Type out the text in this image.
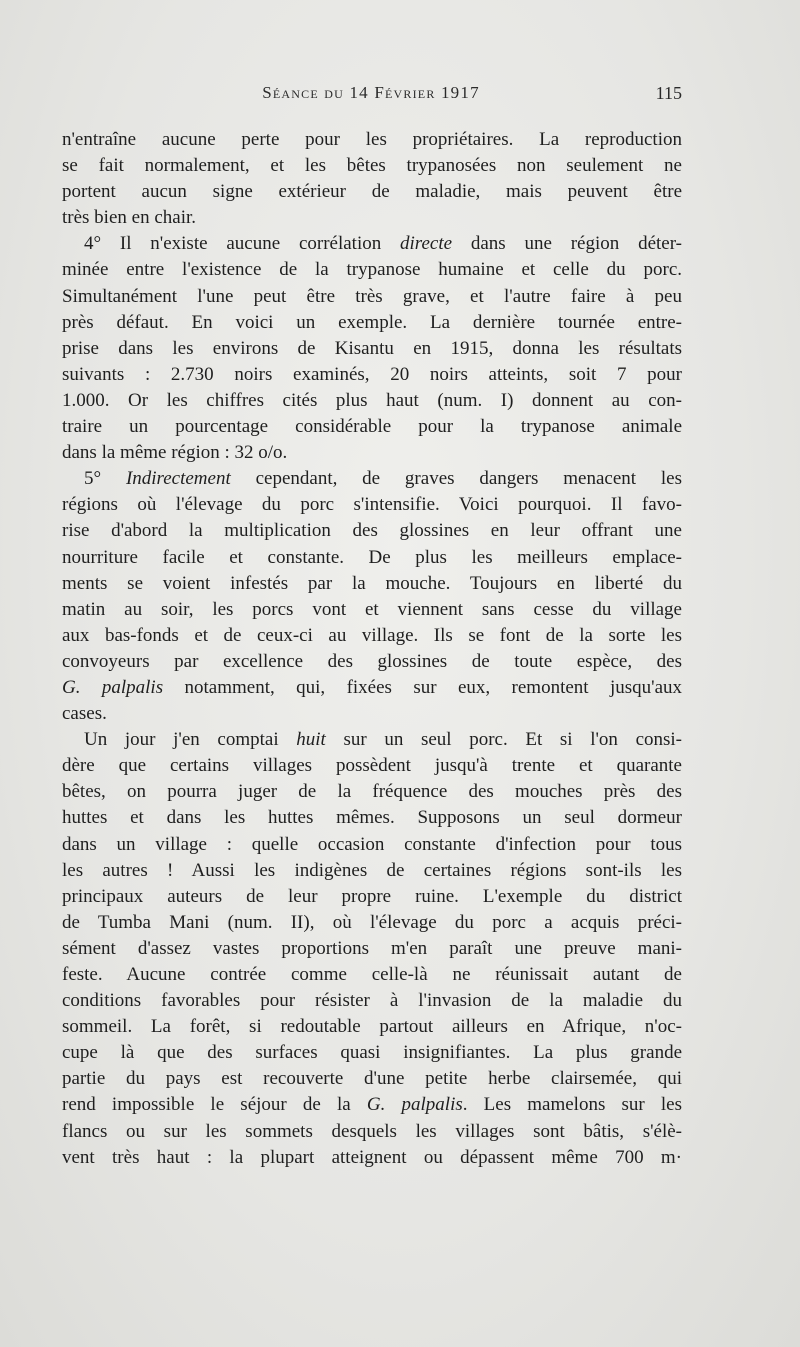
Séance du 14 Février 1917	115
n'entraîne aucune perte pour les propriétaires. La reproduction
se fait normalement, et les bêtes trypanosées non seulement ne
portent aucun signe extérieur de maladie, mais peuvent être
très bien en chair.
4° Il n'existe aucune corrélation directe dans une région déter-
minée entre l'existence de la trypanose humaine et celle du porc.
Simultanément l'une peut être très grave, et l'autre faire à peu
près défaut. En voici un exemple. La dernière tournée entre-
prise dans les environs de Kisantu en 1915, donna les résultats
suivants : 2.730 noirs examinés, 20 noirs atteints, soit 7 pour
1.000. Or les chiffres cités plus haut (num. I) donnent au con-
traire un pourcentage considérable pour la trypanose animale
dans la même région : 32 o/o.
5° Indirectement cependant, de graves dangers menacent les
régions où l'élevage du porc s'intensifie. Voici pourquoi. Il favo-
rise d'abord la multiplication des glossines en leur offrant une
nourriture facile et constante. De plus les meilleurs emplace-
ments se voient infestés par la mouche. Toujours en liberté du
matin au soir, les porcs vont et viennent sans cesse du village
aux bas-fonds et de ceux-ci au village. Ils se font de la sorte les
convoyeurs par excellence des glossines de toute espèce, des
G. palpalis notamment, qui, fixées sur eux, remontent jusqu'aux
cases.
Un jour j'en comptai huit sur un seul porc. Et si l'on consi-
dère que certains villages possèdent jusqu'à trente et quarante
bêtes, on pourra juger de la fréquence des mouches près des
huttes et dans les huttes mêmes. Supposons un seul dormeur
dans un village : quelle occasion constante d'infection pour tous
les autres ! Aussi les indigènes de certaines régions sont-ils les
principaux auteurs de leur propre ruine. L'exemple du district
de Tumba Mani (num. II), où l'élevage du porc a acquis préci-
sément d'assez vastes proportions m'en paraît une preuve mani-
feste. Aucune contrée comme celle-là ne réunissait autant de
conditions favorables pour résister à l'invasion de la maladie du
sommeil. La forêt, si redoutable partout ailleurs en Afrique, n'oc-
cupe là que des surfaces quasi insignifiantes. La plus grande
partie du pays est recouverte d'une petite herbe clairsemée, qui
rend impossible le séjour de la G. palpalis. Les mamelons sur les
flancs ou sur les sommets desquels les villages sont bâtis, s'élè-
vent très haut : la plupart atteignent ou dépassent même 700 m·
